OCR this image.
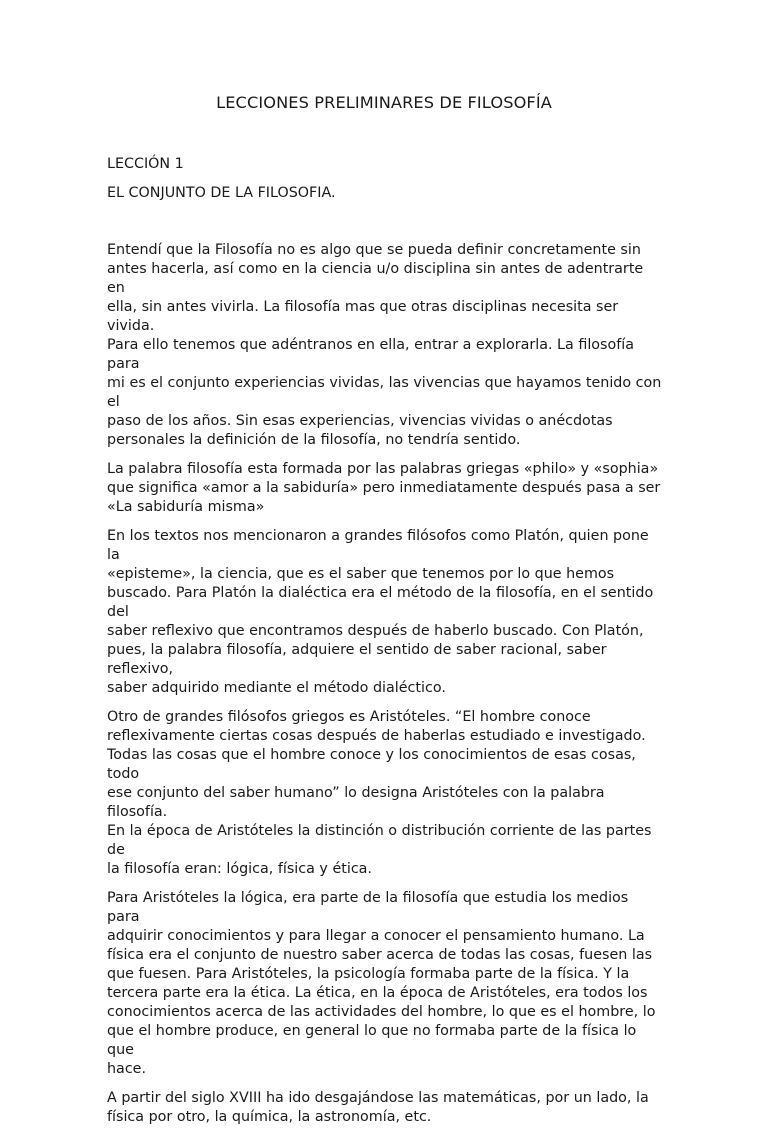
LECCIONES PRELIMINARES DE FILOSOFÍA

LECCIÓN 1

EL CONJUNTO DE LA FILOSOFIA.

Entendí que la Filosofía no es algo que se pueda definir concretamente sin
antes hacerla, así como en la ciencia u/o disciplina sin antes de adentrarte en
ella, sin antes vivirla. La filosofía mas que otras disciplinas necesita ser vivida.
Para ello tenemos que adéntranos en ella, entrar a explorarla. La filosofía para
mi es el conjunto experiencias vividas, las vivencias que hayamos tenido con el
paso de los años. Sin esas experiencias, vivencias vividas o anécdotas
personales la definición de la filosofía, no tendría sentido.

La palabra filosofía esta formada por las palabras griegas «philo» y «sophia»
que significa «amor a la sabiduría» pero inmediatamente después pasa a ser
«La sabiduría misma»

En los textos nos mencionaron a grandes filósofos como Platón, quien pone la
«episteme», la ciencia, que es el saber que tenemos por lo que hemos
buscado. Para Platón la dialéctica era el método de la filosofía, en el sentido del
saber reflexivo que encontramos después de haberlo buscado. Con Platón,
pues, la palabra filosofía, adquiere el sentido de saber racional, saber reflexivo,
saber adquirido mediante el método dialéctico.

Otro de grandes filósofos griegos es Aristóteles. “El hombre conoce
reflexivamente ciertas cosas después de haberlas estudiado e investigado.
Todas las cosas que el hombre conoce y los conocimientos de esas cosas, todo
ese conjunto del saber humano” lo designa Aristóteles con la palabra filosofía.
En la época de Aristóteles la distinción o distribución corriente de las partes de
la filosofía eran: lógica, física y ética.

Para Aristóteles la lógica, era parte de la filosofía que estudia los medios para
adquirir conocimientos y para llegar a conocer el pensamiento humano. La
física era el conjunto de nuestro saber acerca de todas las cosas, fuesen las
que fuesen. Para Aristóteles, la psicología formaba parte de la física. Y la
tercera parte era la ética. La ética, en la época de Aristóteles, era todos los
conocimientos acerca de las actividades del hombre, lo que es el hombre, lo
que el hombre produce, en general lo que no formaba parte de la física lo que
hace.

A partir del siglo XVIII ha ido desgajándose las matemáticas, por un lado, la
física por otro, la química, la astronomía, etc.
